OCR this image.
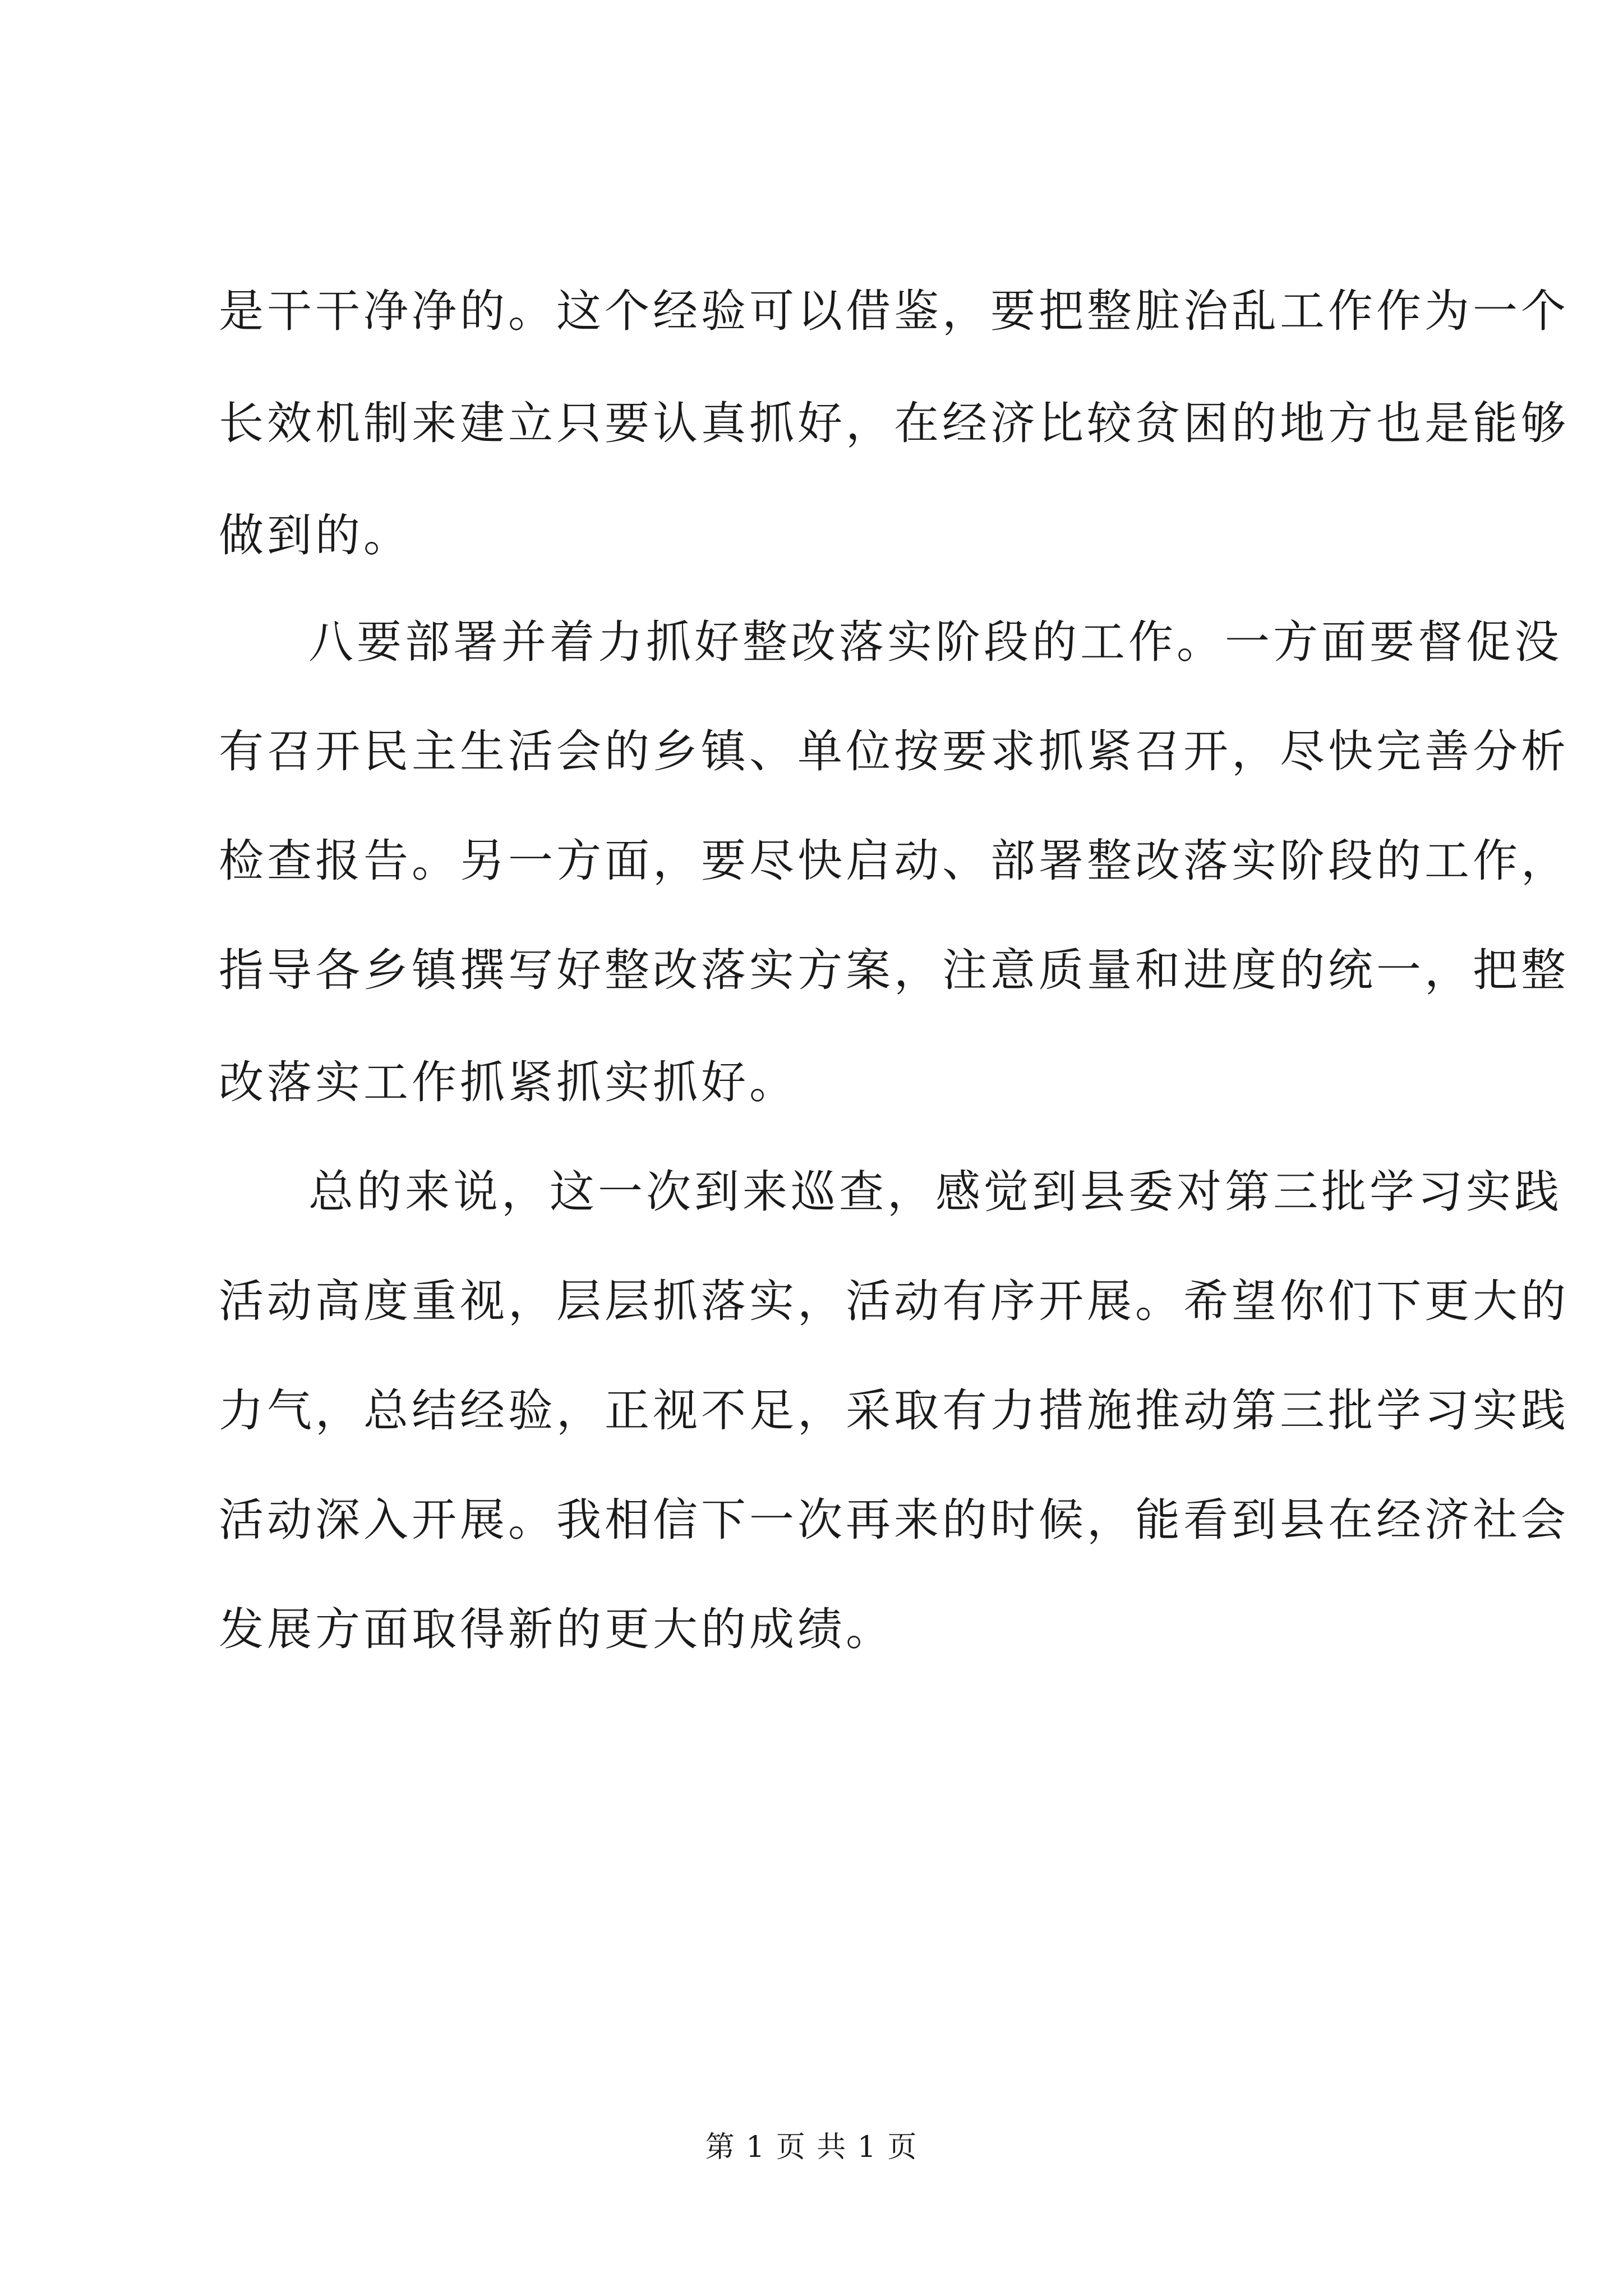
是干干净净的。这个经验可以借鉴，要把整脏治乱工作作为一个
长效机制来建立只要认真抓好，在经济比较贫困的地方也是能够
做到的。
八要部署并着力抓好整改落实阶段的工作。一方面要督促没
有召开民主生活会的乡镇、单位按要求抓紧召开，尽快完善分析
检查报告。另一方面，要尽快启动、部署整改落实阶段的工作，
指导各乡镇撰写好整改落实方案，注意质量和进度的统一，把整
改落实工作抓紧抓实抓好。
总的来说，这一次到来巡查，感觉到县委对第三批学习实践
活动高度重视，层层抓落实，活动有序开展。希望你们下更大的
力气，总结经验，正视不足，采取有力措施推动第三批学习实践
活动深入开展。我相信下一次再来的时候，能看到县在经济社会
发展方面取得新的更大的成绩。
第 1 页 共 1 页
